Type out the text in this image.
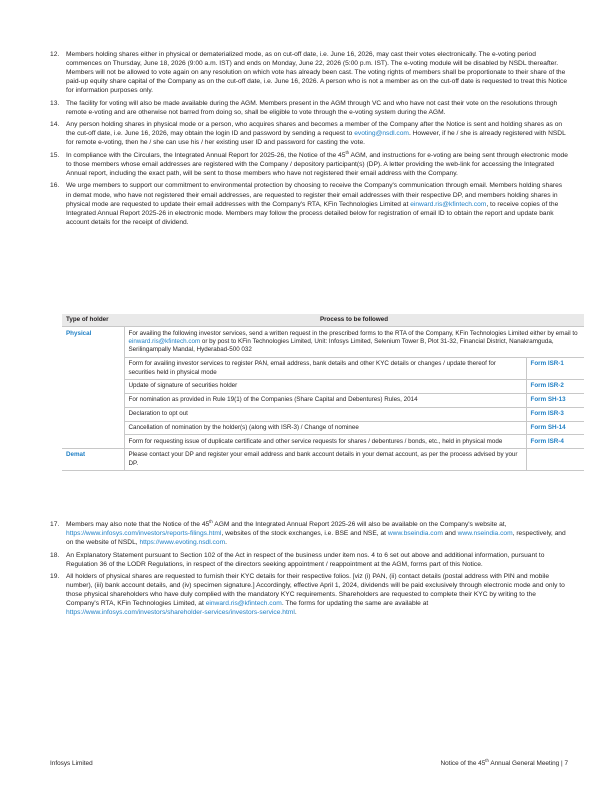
12.	Members holding shares either in physical or dematerialized mode, as on cut-off date, i.e. June 16, 2026, may cast their votes electronically. The e-voting period commences on Thursday, June 18, 2026 (9:00 a.m. IST) and ends on Monday, June 22, 2026 (5:00 p.m. IST). The e-voting module will be disabled by NSDL thereafter. Members will not be allowed to vote again on any resolution on which vote has already been cast. The voting rights of members shall be proportionate to their share of the paid-up equity share capital of the Company as on the cut-off date, i.e. June 16, 2026. A person who is not a member as on the cut-off date is requested to treat this Notice for information purposes only.
13.	The facility for voting will also be made available during the AGM. Members present in the AGM through VC and who have not cast their vote on the resolutions through remote e-voting and are otherwise not barred from doing so, shall be eligible to vote through the e-voting system during the AGM.
14.	Any person holding shares in physical mode or a person, who acquires shares and becomes a member of the Company after the Notice is sent and holding shares as on the cut-off date, i.e. June 16, 2026, may obtain the login ID and password by sending a request to evoting@nsdl.com. However, if he / she is already registered with NSDL for remote e-voting, then he / she can use his / her existing user ID and password for casting the vote.
15.	In compliance with the Circulars, the Integrated Annual Report for 2025-26, the Notice of the 45th AGM, and instructions for e-voting are being sent through electronic mode to those members whose email addresses are registered with the Company / depository participant(s) (DP). A letter providing the web-link for accessing the Integrated Annual report, including the exact path, will be sent to those members who have not registered their email address with the Company.
16.	We urge members to support our commitment to environmental protection by choosing to receive the Company's communication through email. Members holding shares in demat mode, who have not registered their email addresses, are requested to register their email addresses with their respective DP, and members holding shares in physical mode are requested to update their email addresses with the Company's RTA, KFin Technologies Limited at einward.ris@kfintech.com, to receive copies of the Integrated Annual Report 2025-26 in electronic mode. Members may follow the process detailed below for registration of email ID to obtain the report and update bank account details for the receipt of dividend.
Type of holder	Process to be followed	
Physical	For availing the following investor services, send a written request in the prescribed forms to the RTA of the Company, KFin Technologies Limited either by email to einward.ris@kfintech.com or by post to KFin Technologies Limited, Unit: Infosys Limited, Selenium Tower B, Plot 31-32, Financial District, Nanakramguda, Serilingampally Mandal, Hyderabad-500 032	
	Form for availing investor services to register PAN, email address, bank details and other KYC details or changes / update thereof for securities held in physical mode	Form ISR-1
	Update of signature of securities holder	Form ISR-2
	For nomination as provided in Rule 19(1) of the Companies (Share Capital and Debentures) Rules, 2014	Form SH-13
	Declaration to opt out	Form ISR-3
	Cancellation of nomination by the holder(s) (along with ISR-3) / Change of nominee	Form SH-14
	Form for requesting issue of duplicate certificate and other service requests for shares / debentures / bonds, etc., held in physical mode	Form ISR-4
Demat	Please contact your DP and register your email address and bank account details in your demat account, as per the process advised by your DP.	
17.	Members may also note that the Notice of the 45th AGM and the Integrated Annual Report 2025-26 will also be available on the Company's website at, https://www.infosys.com/investors/reports-filings.html, websites of the stock exchanges, i.e. BSE and NSE, at www.bseindia.com and www.nseindia.com, respectively, and on the website of NSDL, https://www.evoting.nsdl.com.
18.	An Explanatory Statement pursuant to Section 102 of the Act in respect of the business under item nos. 4 to 6 set out above and additional information, pursuant to Regulation 36 of the LODR Regulations, in respect of the directors seeking appointment / reappointment at the AGM, forms part of this Notice.
19.	All holders of physical shares are requested to furnish their KYC details for their respective folios. [viz (i) PAN, (ii) contact details (postal address with PIN and mobile number), (iii) bank account details, and (iv) specimen signature.] Accordingly, effective April 1, 2024, dividends will be paid exclusively through electronic mode and only to those physical shareholders who have duly complied with the mandatory KYC requirements. Shareholders are requested to complete their KYC by writing to the Company's RTA, KFin Technologies Limited, at einward.ris@kfintech.com. The forms for updating the same are available at https://www.infosys.com/investors/shareholder-services/investors-service.html.
Infosys Limited	Notice of the 45th Annual General Meeting | 7
